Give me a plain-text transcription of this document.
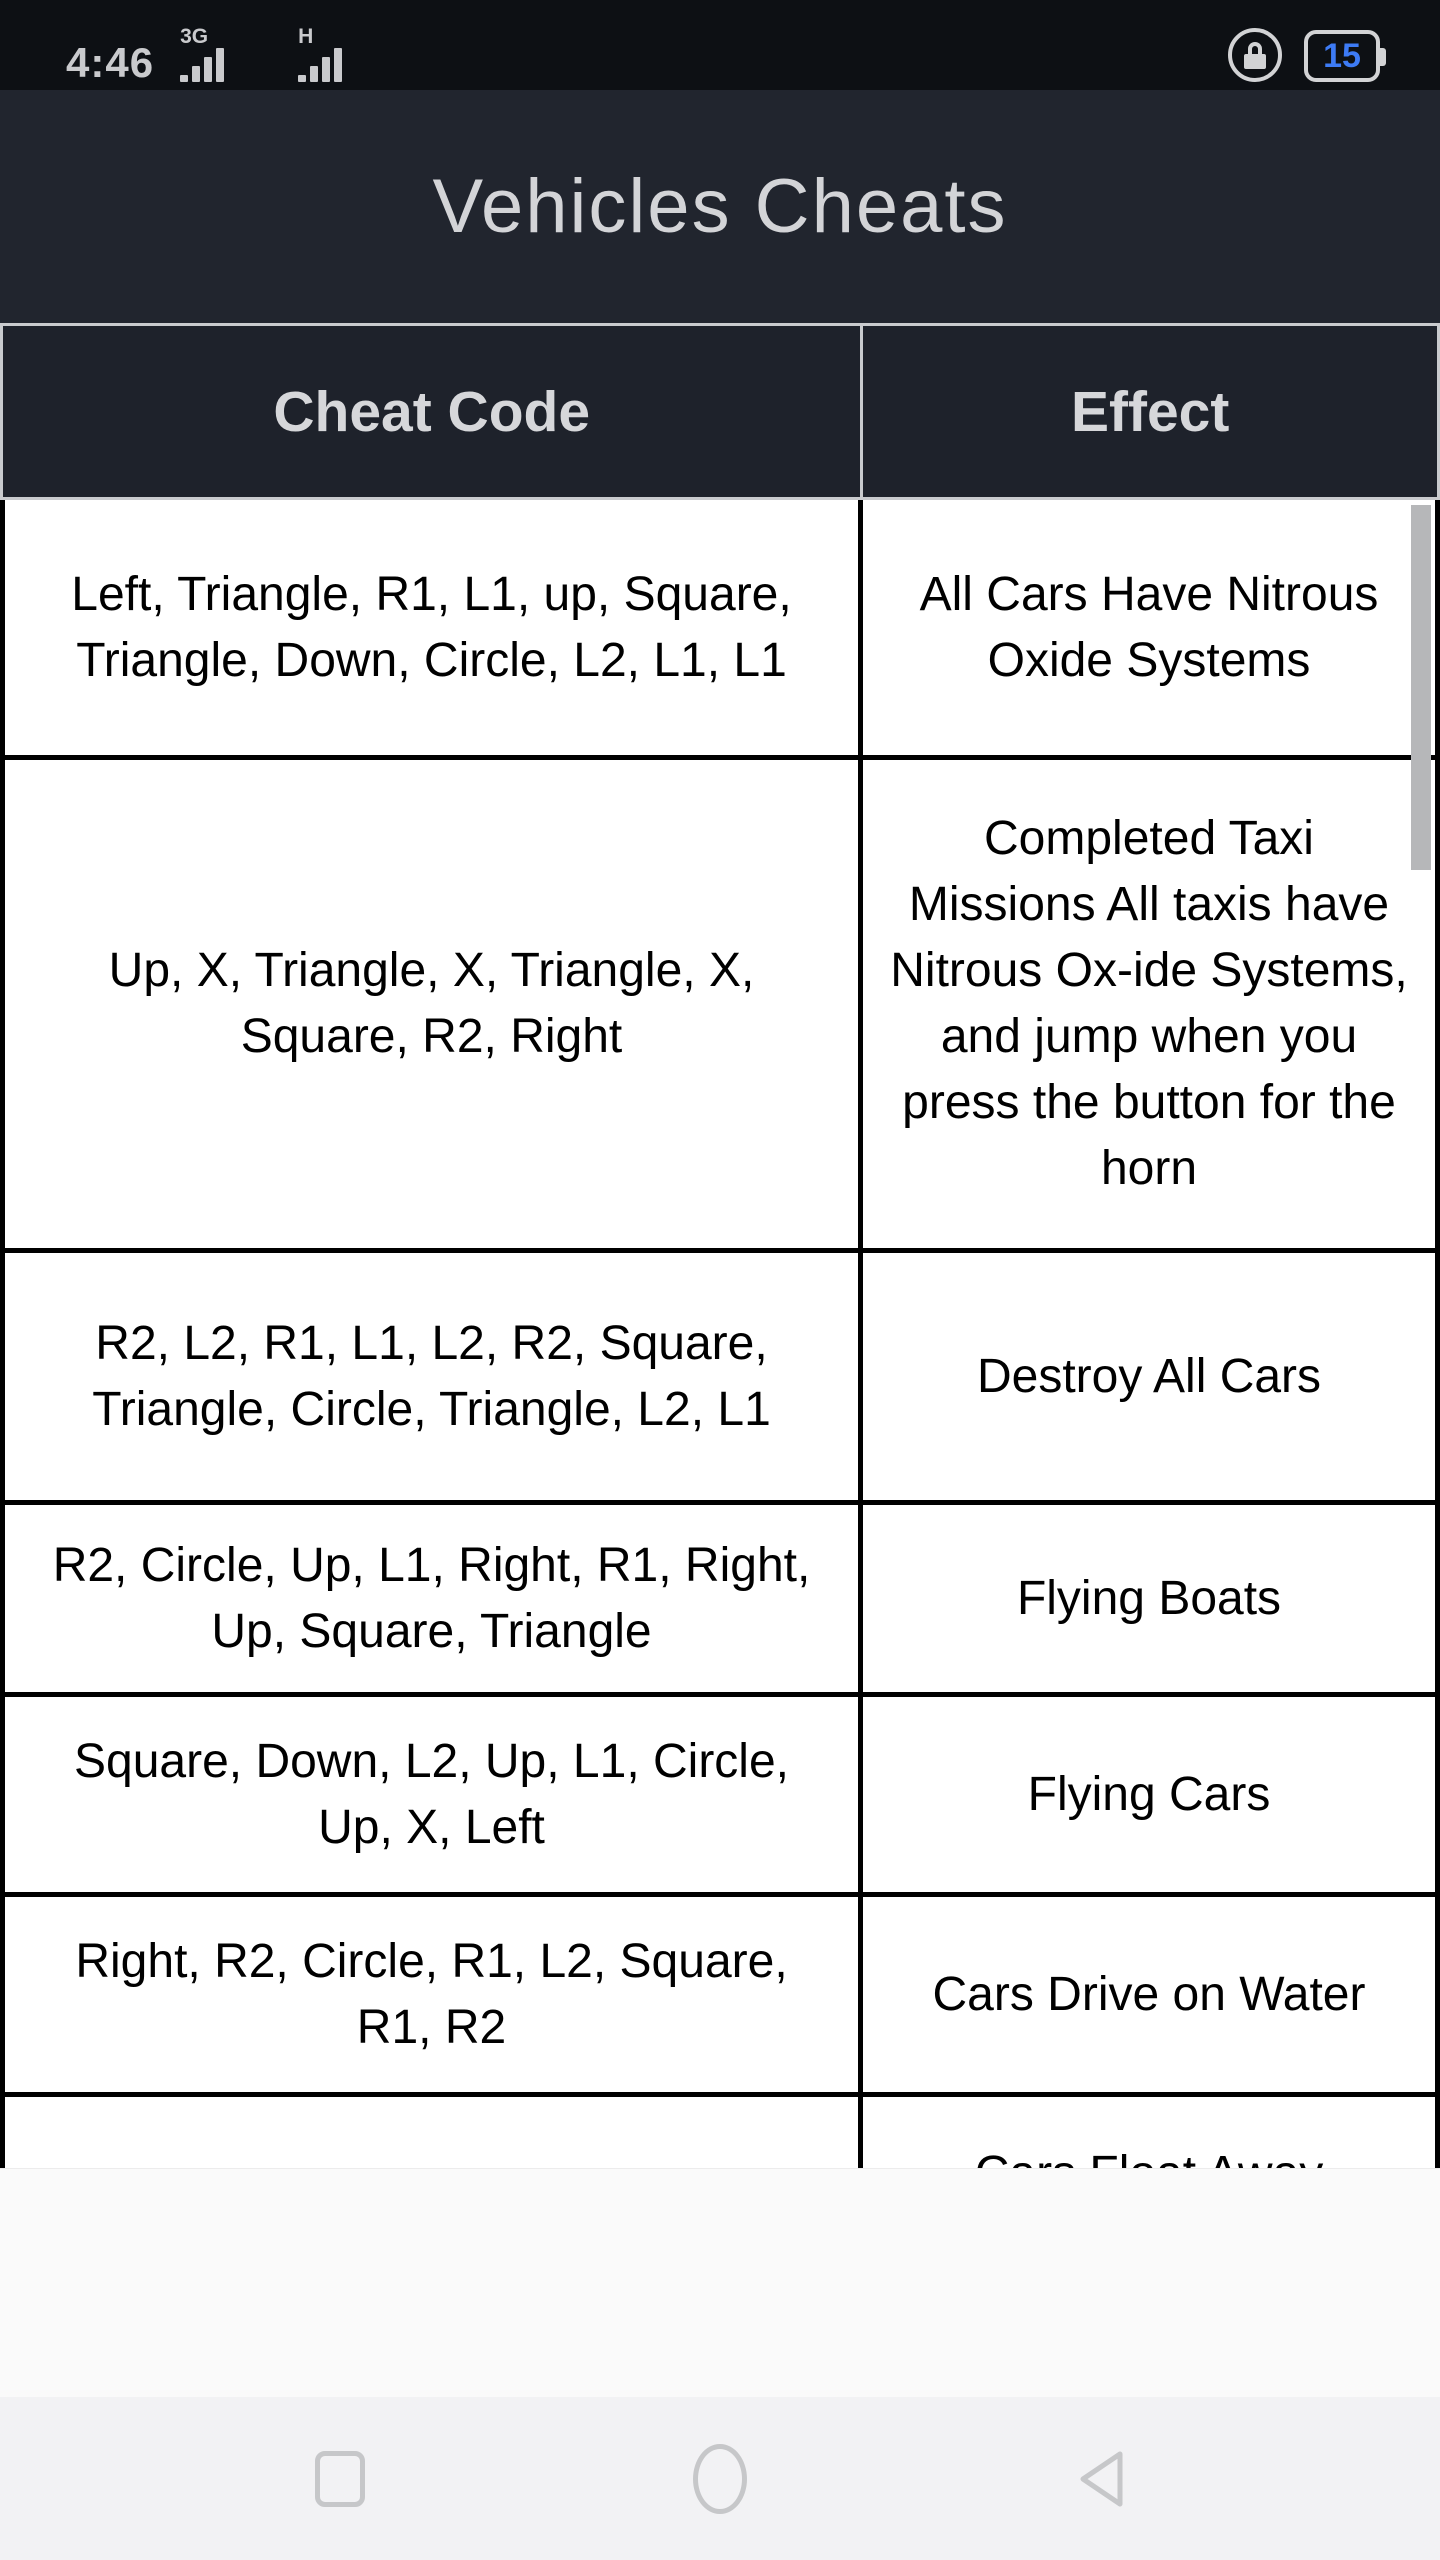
4:46
3G	H
15
Vehicles Cheats
Cheat Code	Effect
Left, Triangle, R1, L1, up, Square, Triangle, Down, Circle, L2, L1, L1
All Cars Have Nitrous Oxide Systems
Up, X, Triangle, X, Triangle, X, Square, R2, Right
Completed Taxi Missions All taxis have Nitrous Ox-ide Systems, and jump when you press the button for the horn
R2, L2, R1, L1, L2, R2, Square, Triangle, Circle, Triangle, L2, L1
Destroy All Cars
R2, Circle, Up, L1, Right, R1, Right, Up, Square, Triangle
Flying Boats
Square, Down, L2, Up, L1, Circle, Up, X, Left
Flying Cars
Right, R2, Circle, R1, L2, Square, R1, R2
Cars Drive on Water
